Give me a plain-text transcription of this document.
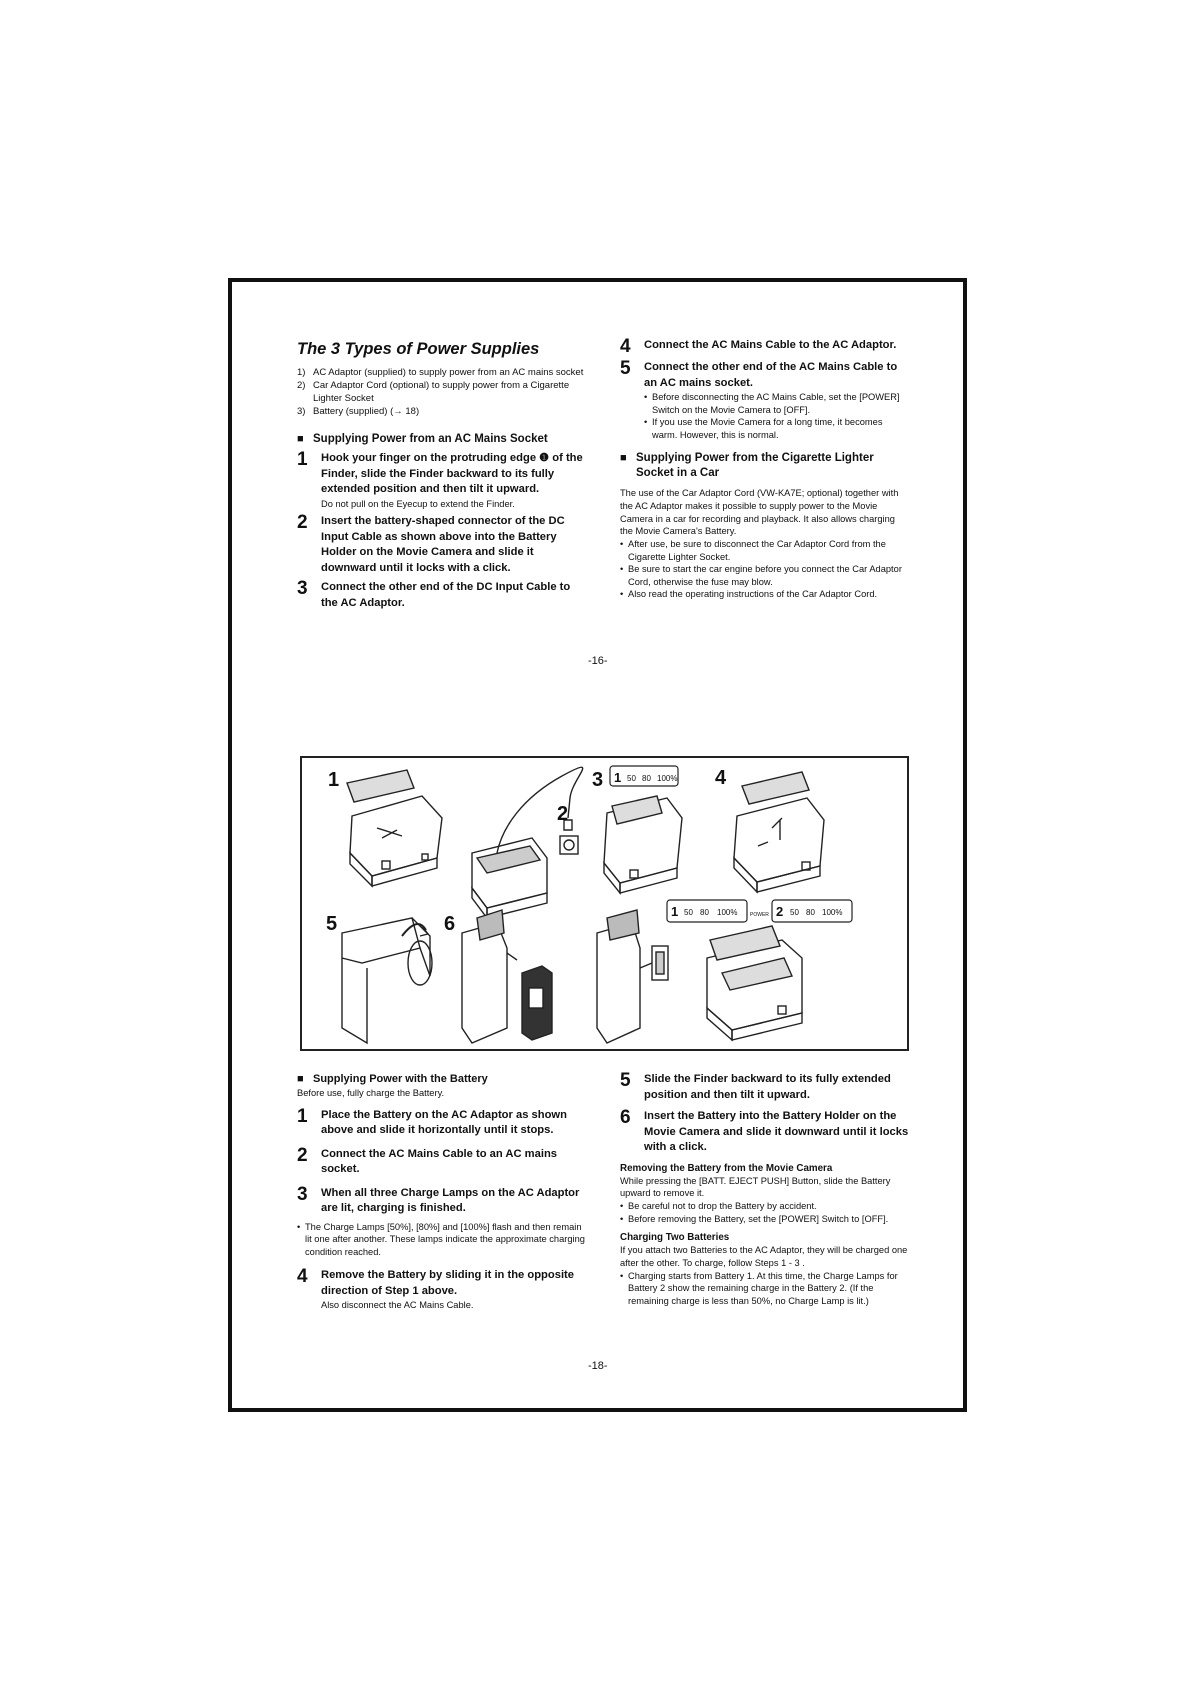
The 3 Types of Power Supplies
1) AC Adaptor (supplied) to supply power from an AC mains socket
2) Car Adaptor Cord (optional) to supply power from a Cigarette Lighter Socket
3) Battery (supplied) (→ 18)
■ Supplying Power from an AC Mains Socket
1	Hook your finger on the protruding edge ❶ of the Finder, slide the Finder backward to its fully extended position and then tilt it upward.
Do not pull on the Eyecup to extend the Finder.
2	Insert the battery-shaped connector of the DC Input Cable as shown above into the Battery Holder on the Movie Camera and slide it downward until it locks with a click.
3	Connect the other end of the DC Input Cable to the AC Adaptor.
4	Connect the AC Mains Cable to the AC Adaptor.
5	Connect the other end of the AC Mains Cable to an AC mains socket.
• Before disconnecting the AC Mains Cable, set the [POWER] Switch on the Movie Camera to [OFF].
• If you use the Movie Camera for a long time, it becomes warm. However, this is normal.
■ Supplying Power from the Cigarette Lighter Socket in a Car
The use of the Car Adaptor Cord (VW-KA7E; optional) together with the AC Adaptor makes it possible to supply power to the Movie Camera in a car for recording and playback. It also allows charging the Movie Camera's Battery.
• After use, be sure to disconnect the Car Adaptor Cord from the Cigarette Lighter Socket.
• Be sure to start the car engine before you connect the Car Adaptor Cord, otherwise the fuse may blow.
• Also read the operating instructions of the Car Adaptor Cord.
-16-
1 50 80 100%
1 50 80 100%	POWER 2 50 80 100%
1
2
3	4
5	6
■ Supplying Power with the Battery
Before use, fully charge the Battery.
1	Place the Battery on the AC Adaptor as shown above and slide it horizontally until it stops.
2	Connect the AC Mains Cable to an AC mains socket.
3	When all three Charge Lamps on the AC Adaptor are lit, charging is finished.
• The Charge Lamps [50%], [80%] and [100%] flash and then remain lit one after another. These lamps indicate the approximate charging condition reached.
4	Remove the Battery by sliding it in the opposite direction of Step 1 above.
Also disconnect the AC Mains Cable.
5	Slide the Finder backward to its fully extended position and then tilt it upward.
6	Insert the Battery into the Battery Holder on the Movie Camera and slide it downward until it locks with a click.
Removing the Battery from the Movie Camera
While pressing the [BATT. EJECT PUSH] Button, slide the Battery upward to remove it.
• Be careful not to drop the Battery by accident.
• Before removing the Battery, set the [POWER] Switch to [OFF].
Charging Two Batteries
If you attach two Batteries to the AC Adaptor, they will be charged one after the other. To charge, follow Steps 1 - 3 .
• Charging starts from Battery 1. At this time, the Charge Lamps for Battery 2 show the remaining charge in the Battery 2. (If the remaining charge is less than 50%, no Charge Lamp is lit.)
-18-
